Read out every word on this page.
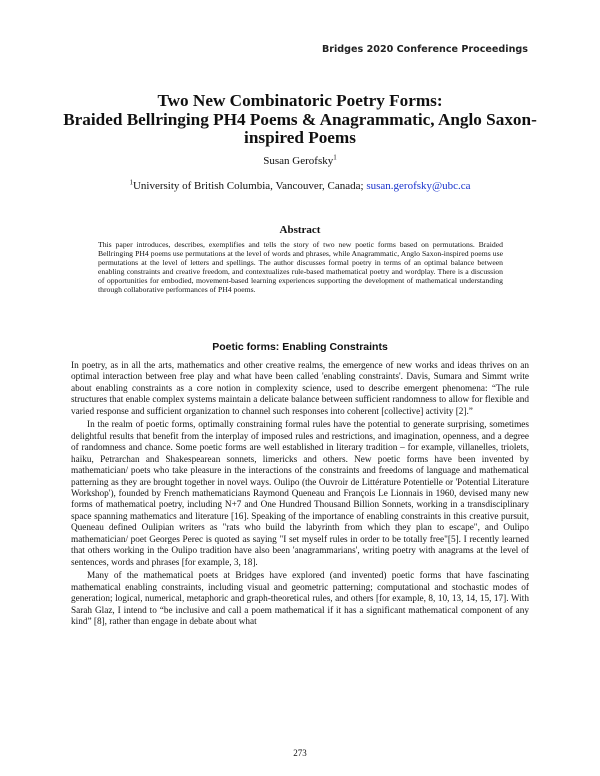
Bridges 2020 Conference Proceedings
Two New Combinatoric Poetry Forms:
Braided Bellringing PH4 Poems & Anagrammatic, Anglo Saxon-
inspired Poems
Susan Gerofsky$^1$
$^1$University of British Columbia, Vancouver, Canada; susan.gerofsky@ubc.ca
Abstract

This paper introduces, describes, exemplifies and tells the story of two new poetic forms based on permutations. Braided Bellringing PH4 poems use permutations at the level of words and phrases, while Anagrammatic, Anglo Saxon-inspired poems use permutations at the level of letters and spellings. The author discusses formal poetry in terms of an optimal balance between enabling constraints and creative freedom, and contextualizes rule-based mathematical poetry and wordplay. There is a discussion of opportunities for embodied, movement-based learning experiences supporting the development of mathematical understanding through collaborative performances of PH4 poems.

Poetic forms: Enabling Constraints

In poetry, as in all the arts, mathematics and other creative realms, the emergence of new works and ideas thrives on an optimal interaction between free play and what have been called 'enabling constraints'. Davis, Sumara and Simmt write about enabling constraints as a core notion in complexity science, used to describe emergent phenomena: “The rule structures that enable complex systems maintain a delicate balance between sufficient randomness to allow for flexible and varied response and sufficient organization to channel such responses into coherent [collective] activity [2].”

In the realm of poetic forms, optimally constraining formal rules have the potential to generate surprising, sometimes delightful results that benefit from the interplay of imposed rules and restrictions, and imagination, openness, and a degree of randomness and chance. Some poetic forms are well established in literary tradition – for example, villanelles, triolets, haiku, Petrarchan and Shakespearean sonnets, limericks and others. New poetic forms have been invented by mathematician/ poets who take pleasure in the interactions of the constraints and freedoms of language and mathematical patterning as they are brought together in novel ways. Oulipo (the Ouvroir de Littérature Potentielle or 'Potential Literature Workshop'), founded by French mathematicians Raymond Queneau and François Le Lionnais in 1960, devised many new forms of mathematical poetry, including N+7 and One Hundred Thousand Billion Sonnets, working in a transdisciplinary space spanning mathematics and literature [16]. Speaking of the importance of enabling constraints in this creative pursuit, Queneau defined Oulipian writers as "rats who build the labyrinth from which they plan to escape", and Oulipo mathematician/ poet Georges Perec is quoted as saying "I set myself rules in order to be totally free"[5]. I recently learned that others working in the Oulipo tradition have also been 'anagrammarians', writing poetry with anagrams at the level of sentences, words and phrases [for example, 3, 18].

Many of the mathematical poets at Bridges have explored (and invented) poetic forms that have fascinating mathematical enabling constraints, including visual and geometric patterning; computational and stochastic modes of generation; logical, numerical, metaphoric and graph-theoretical rules, and others [for example, 8, 10, 13, 14, 15, 17]. With Sarah Glaz, I intend to “be inclusive and call a poem mathematical if it has a significant mathematical component of any kind” [8], rather than engage in debate about what

273
